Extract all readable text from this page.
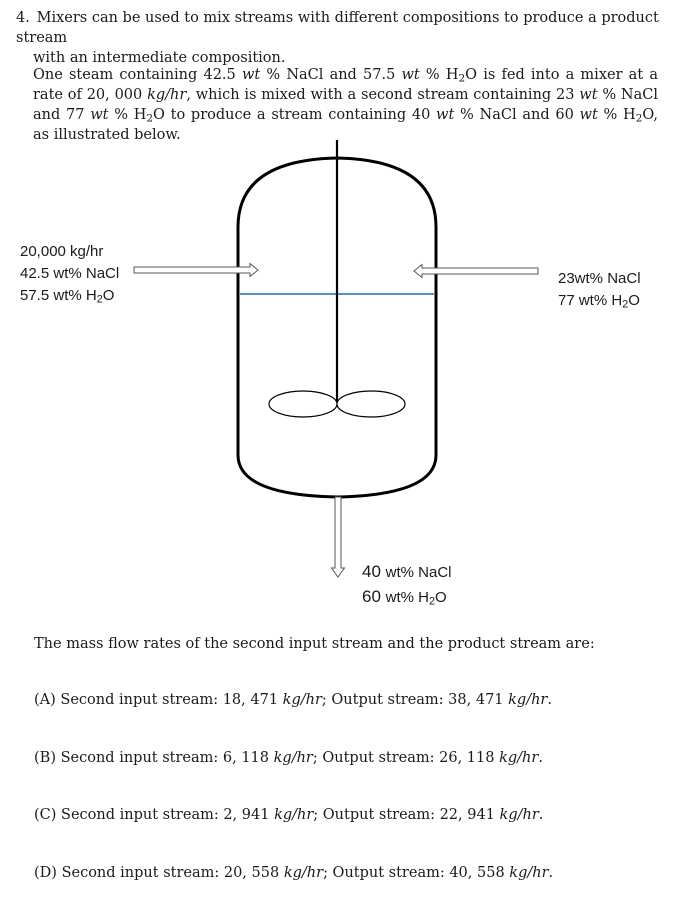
4. Mixers can be used to mix streams with different compositions to produce a product stream
with an intermediate composition.
One steam containing 42.5 wt % NaCl and 57.5 wt % $H_2O$ is fed into a mixer at a rate of 20, 000 kg/hr, which is mixed with a second stream containing 23 wt % NaCl and 77 wt % $H_2O$ to produce a stream containing 40 wt % NaCl and 60 wt % $H_2O$, as illustrated below.
20,000 kg/hr
42.5 wt% NaCl
57.5 wt% $H_2O$
23wt% NaCl
77 wt% $H_2O$
40 wt% NaCl
60 wt% $H_2O$
The mass flow rates of the second input stream and the product stream are:
(A) Second input stream: 18, 471 kg/hr; Output stream: 38, 471 kg/hr.
(B) Second input stream: 6, 118 kg/hr; Output stream: 26, 118 kg/hr.
(C) Second input stream: 2, 941 kg/hr; Output stream: 22, 941 kg/hr.
(D) Second input stream: 20, 558 kg/hr; Output stream: 40, 558 kg/hr.
